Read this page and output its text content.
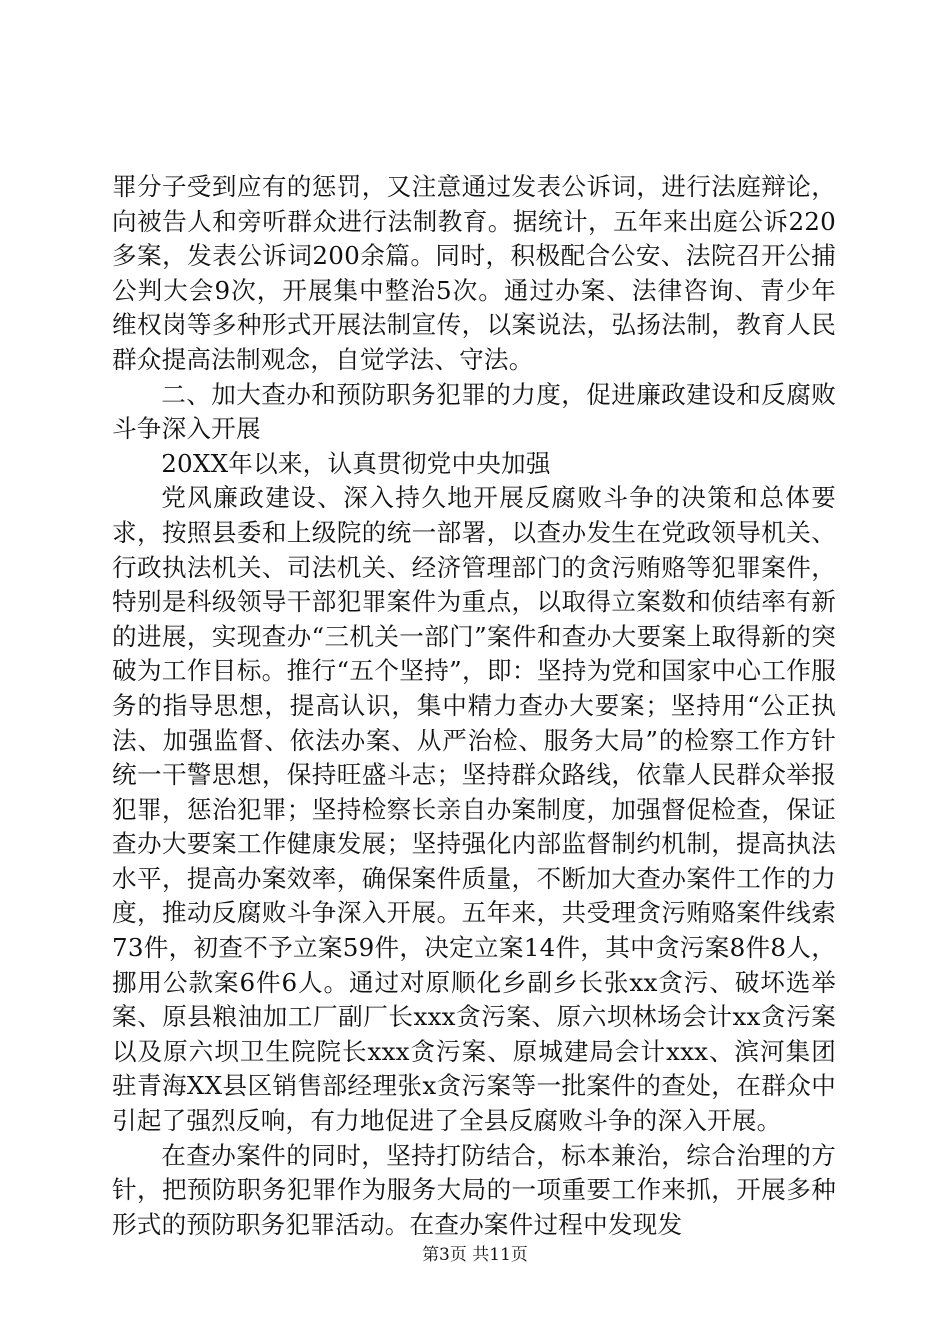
罪分子受到应有的惩罚，又注意通过发表公诉词，进行法庭辩论，向被告人和旁听群众进行法制教育。据统计，五年来出庭公诉220多案，发表公诉词200余篇。同时，积极配合公安、法院召开公捕公判大会9次，开展集中整治5次。通过办案、法律咨询、青少年维权岗等多种形式开展法制宣传，以案说法，弘扬法制，教育人民群众提高法制观念，自觉学法、守法。

二、加大查办和预防职务犯罪的力度，促进廉政建设和反腐败斗争深入开展

20XX年以来，认真贯彻党中央加强

党风廉政建设、深入持久地开展反腐败斗争的决策和总体要求，按照县委和上级院的统一部署，以查办发生在党政领导机关、行政执法机关、司法机关、经济管理部门的贪污贿赂等犯罪案件，特别是科级领导干部犯罪案件为重点，以取得立案数和侦结率有新的进展，实现查办“三机关一部门”案件和查办大要案上取得新的突破为工作目标。推行“五个坚持”，即：坚持为党和国家中心工作服务的指导思想，提高认识，集中精力查办大要案；坚持用“公正执法、加强监督、依法办案、从严治检、服务大局”的检察工作方针统一干警思想，保持旺盛斗志；坚持群众路线，依靠人民群众举报犯罪，惩治犯罪；坚持检察长亲自办案制度，加强督促检查，保证查办大要案工作健康发展；坚持强化内部监督制约机制，提高执法水平，提高办案效率，确保案件质量，不断加大查办案件工作的力度，推动反腐败斗争深入开展。五年来，共受理贪污贿赂案件线索73件，初查不予立案59件，决定立案14件，其中贪污案8件8人，挪用公款案6件6人。通过对原顺化乡副乡长张xx贪污、破坏选举案、原县粮油加工厂副厂长xxx贪污案、原六坝林场会计xx贪污案以及原六坝卫生院院长xxx贪污案、原城建局会计xxx、滨河集团驻青海XX县区销售部经理张x贪污案等一批案件的查处，在群众中引起了强烈反响，有力地促进了全县反腐败斗争的深入开展。

在查办案件的同时，坚持打防结合，标本兼治，综合治理的方针，把预防职务犯罪作为服务大局的一项重要工作来抓，开展多种形式的预防职务犯罪活动。在查办案件过程中发现发

第3页 共11页
